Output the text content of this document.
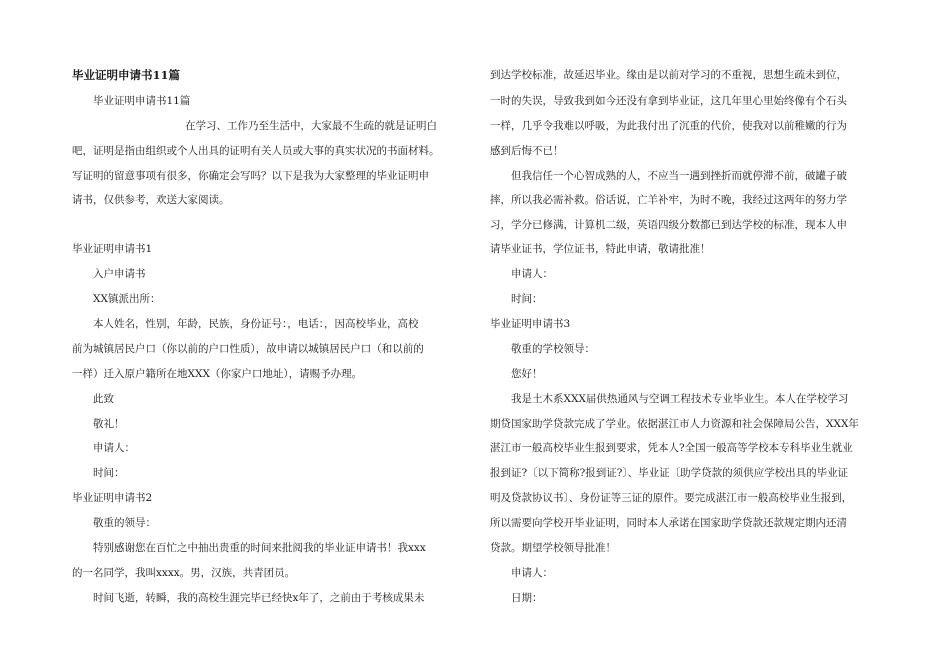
毕业证明申请书11篇
毕业证明申请书11篇
在学习、工作乃至生活中，大家最不生疏的就是证明白
吧，证明是指由组织或个人出具的证明有关人员或大事的真实状况的书面材料。
写证明的留意事项有很多，你确定会写吗？以下是我为大家整理的毕业证明申
请书，仅供参考，欢送大家阅读。
毕业证明申请书1
入户申请书
XX镇派出所：
本人姓名，性别，年龄，民族，身份证号：，电话：，因高校毕业，高校
前为城镇居民户口（你以前的户口性质），故申请以城镇居民户口（和以前的
一样）迁入原户籍所在地XXX（你家户口地址），请赐予办理。
此致
敬礼！
申请人：
时间：
毕业证明申请书2
敬重的领导：
特别感谢您在百忙之中抽出贵重的时间来批阅我的毕业证申请书！我xxx
的一名同学，我叫xxxx。男，汉族，共青团员。
时间飞逝，转瞬，我的高校生涯完毕已经快x年了，之前由于考核成果未
到达学校标准，故延迟毕业。缘由是以前对学习的不重视，思想生疏未到位，
一时的失误，导致我到如今还没有拿到毕业证，这几年里心里始终像有个石头
一样，几乎令我难以呼吸，为此我付出了沉重的代价，使我对以前稚嫩的行为
感到后悔不已！
但我信任一个心智成熟的人，不应当一遇到挫折而就停滞不前，破罐子破
摔，所以我必需补救。俗话说，亡羊补牢，为时不晚，我经过这两年的努力学
习，学分已修满，计算机二级，英语四级分数都已到达学校的标准，现本人申
请毕业证书，学位证书，特此申请，敬请批准！
申请人：
时间：
毕业证明申请书3
敬重的学校领导：
您好！
我是土木系XXX届供热通风与空调工程技术专业毕业生。本人在学校学习
期贷国家助学贷款完成了学业。依据湛江市人力资源和社会保障局公告，XXX年
湛江市一般高校毕业生报到要求，凭本人?全国一般高等学校本专科毕业生就业
报到证?〔以下简称?报到证?〕、毕业证〔助学贷款的须供应学校出具的毕业证
明及贷款协议书〕、身份证等三证的原件。要完成湛江市一般高校毕业生报到，
所以需要向学校开毕业证明，同时本人承诺在国家助学贷款还款规定期内还清
贷款。期望学校领导批准！
申请人：
日期：
